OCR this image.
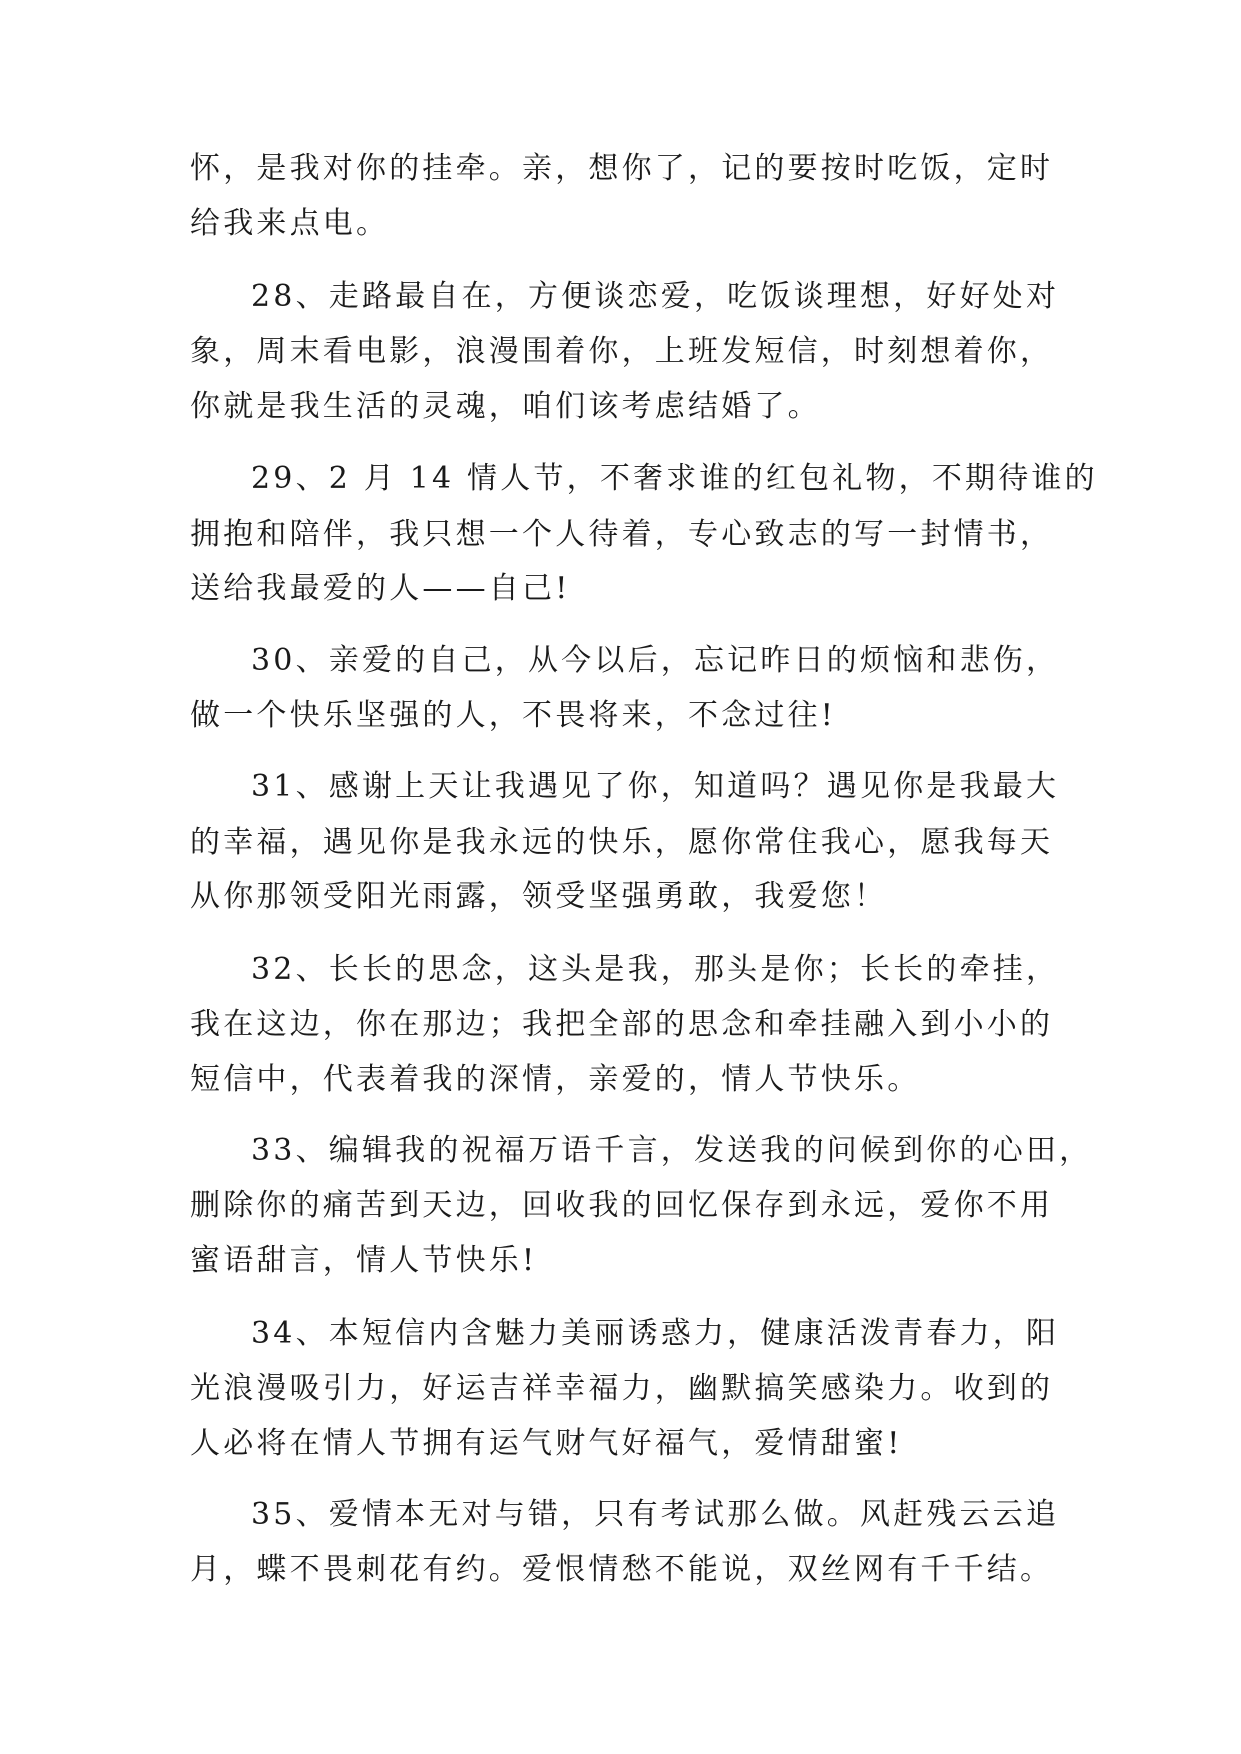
怀，是我对你的挂牵。亲，想你了，记的要按时吃饭，定时
给我来点电。
28、走路最自在，方便谈恋爱，吃饭谈理想，好好处对
象，周末看电影，浪漫围着你，上班发短信，时刻想着你，
你就是我生活的灵魂，咱们该考虑结婚了。
29、2 月 14 情人节，不奢求谁的红包礼物，不期待谁的
拥抱和陪伴，我只想一个人待着，专心致志的写一封情书，
送给我最爱的人——自己!
30、亲爱的自己，从今以后，忘记昨日的烦恼和悲伤，
做一个快乐坚强的人，不畏将来，不念过往!
31、感谢上天让我遇见了你，知道吗？遇见你是我最大
的幸福，遇见你是我永远的快乐，愿你常住我心，愿我每天
从你那领受阳光雨露，领受坚强勇敢，我爱您！
32、长长的思念，这头是我，那头是你；长长的牵挂，
我在这边，你在那边；我把全部的思念和牵挂融入到小小的
短信中，代表着我的深情，亲爱的，情人节快乐。
33、编辑我的祝福万语千言，发送我的问候到你的心田，
删除你的痛苦到天边，回收我的回忆保存到永远，爱你不用
蜜语甜言，情人节快乐!
34、本短信内含魅力美丽诱惑力，健康活泼青春力，阳
光浪漫吸引力，好运吉祥幸福力，幽默搞笑感染力。收到的
人必将在情人节拥有运气财气好福气，爱情甜蜜!
35、爱情本无对与错，只有考试那么做。风赶残云云追
月，蝶不畏刺花有约。爱恨情愁不能说，双丝网有千千结。
